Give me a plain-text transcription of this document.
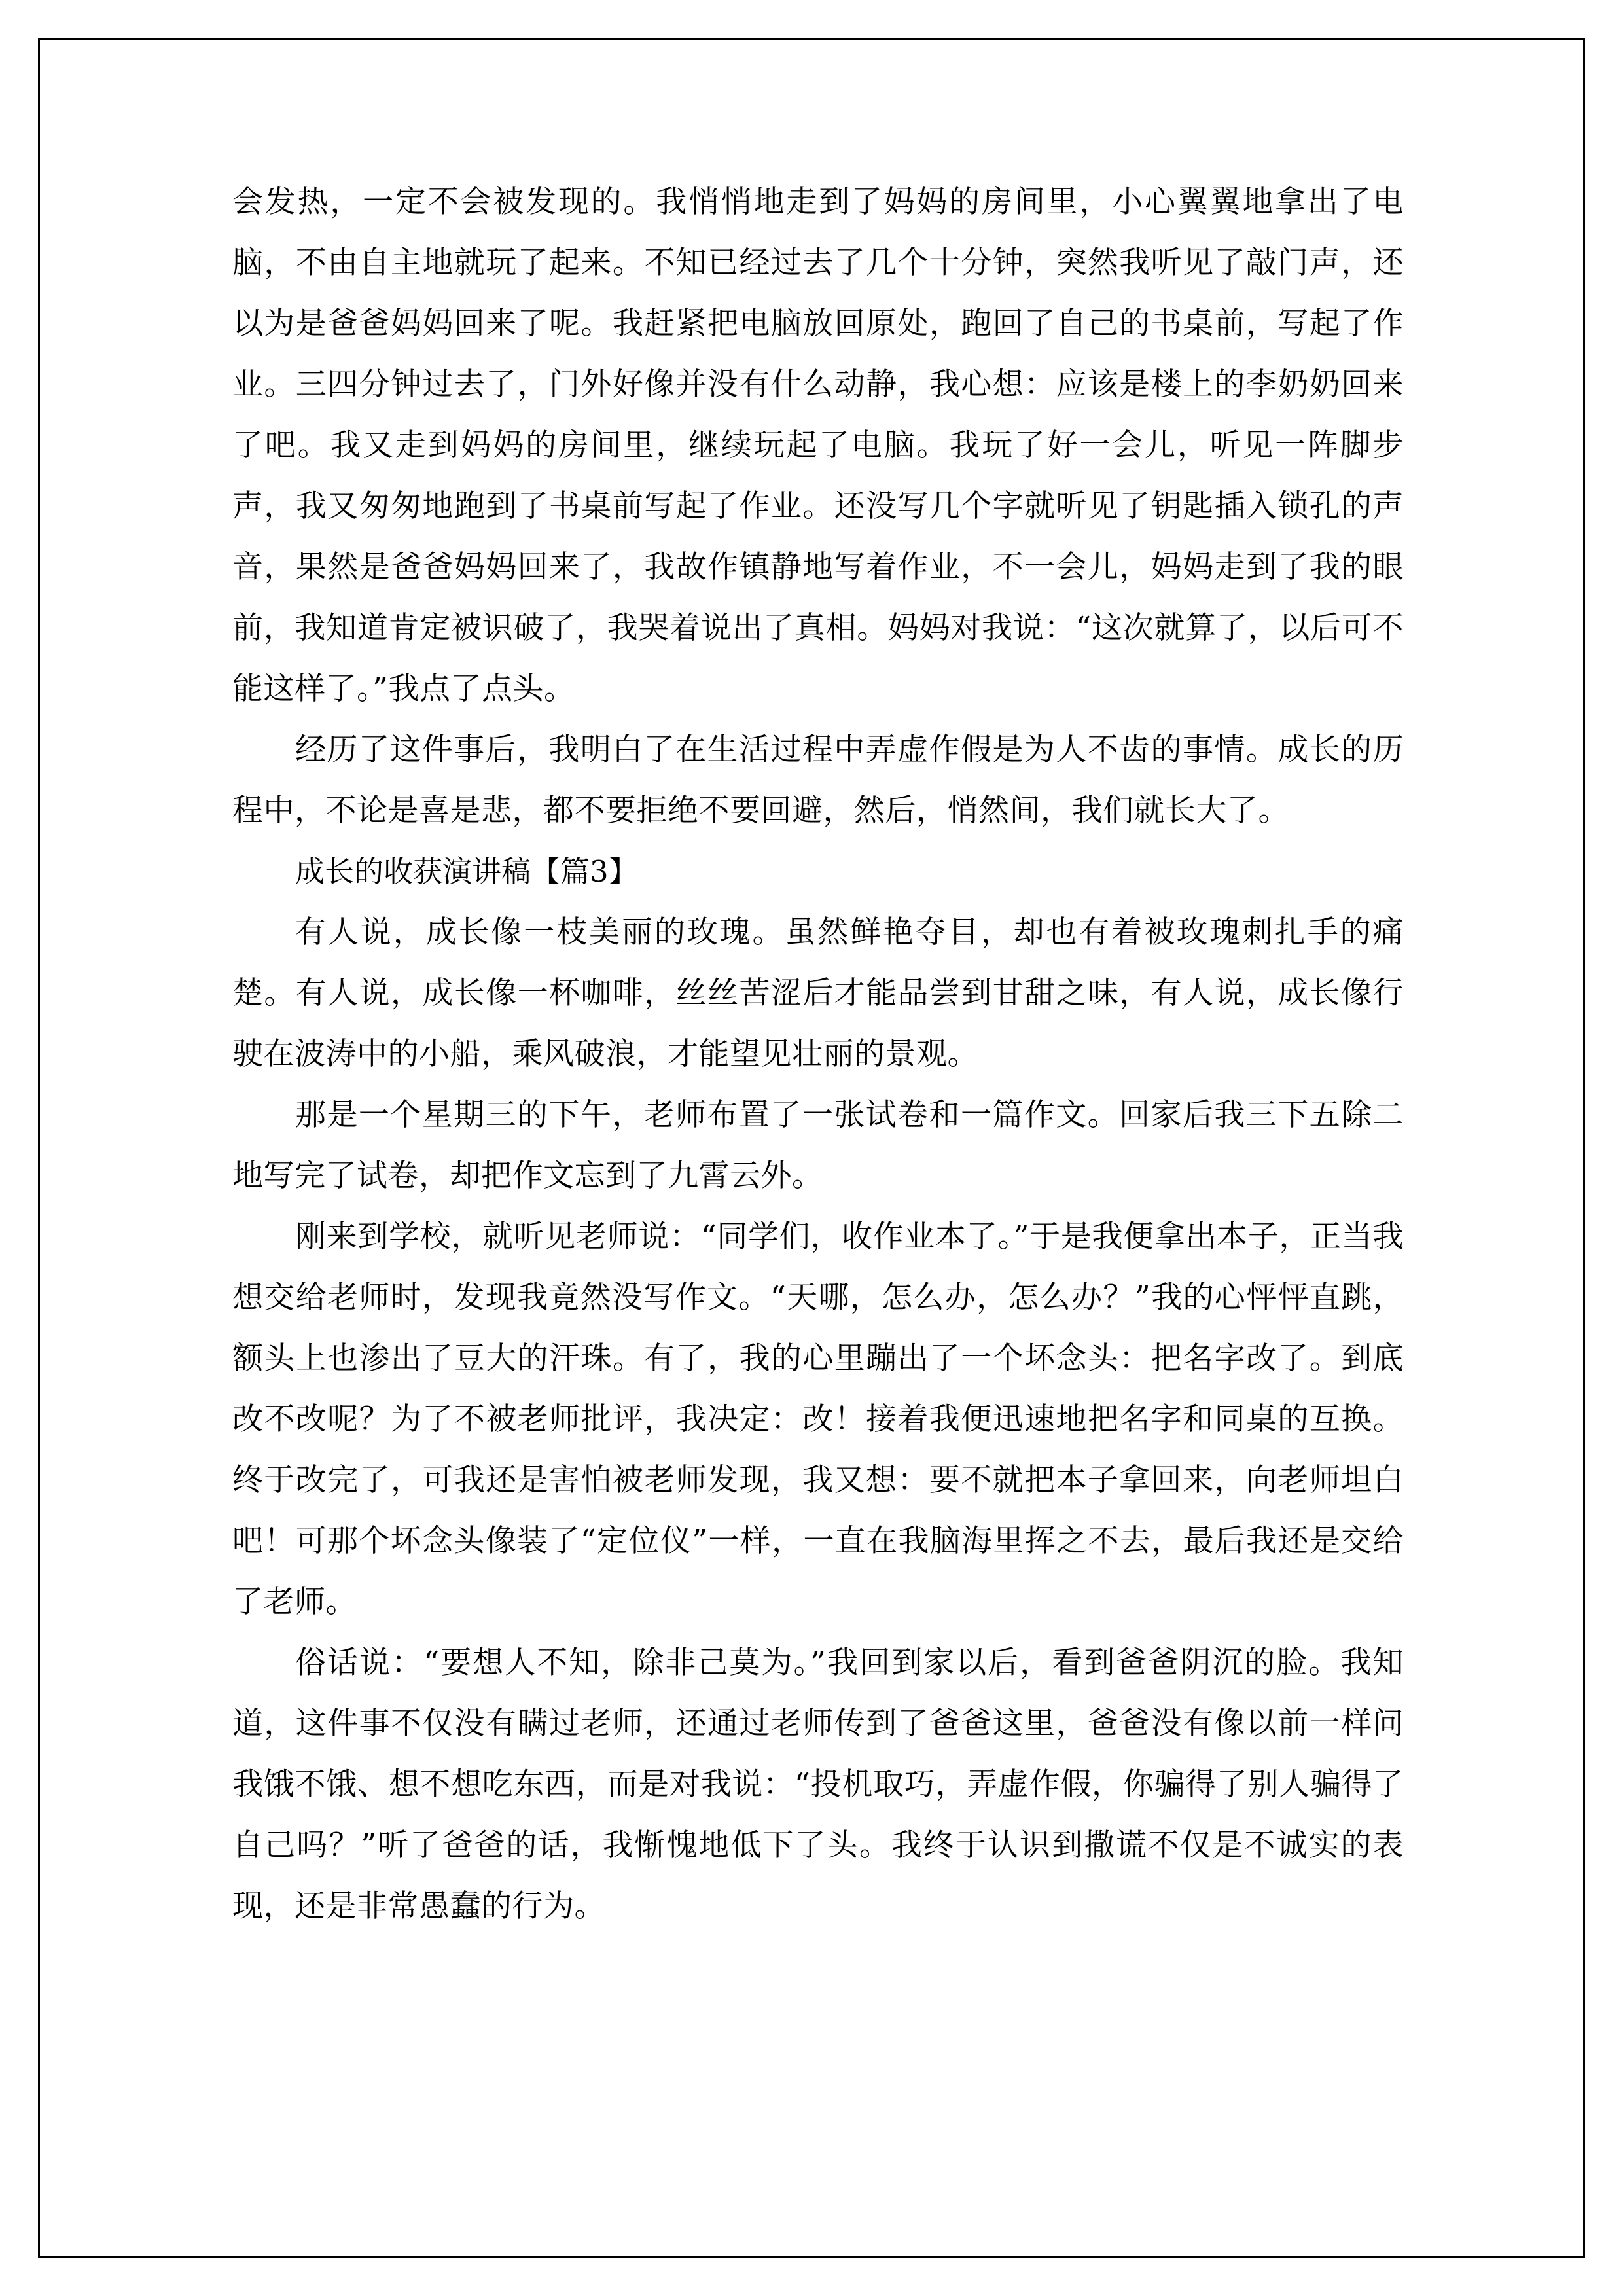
会发热，一定不会被发现的。我悄悄地走到了妈妈的房间里，小心翼翼地拿出了电脑，不由自主地就玩了起来。不知已经过去了几个十分钟，突然我听见了敲门声，还以为是爸爸妈妈回来了呢。我赶紧把电脑放回原处，跑回了自己的书桌前，写起了作业。三四分钟过去了，门外好像并没有什么动静，我心想：应该是楼上的李奶奶回来了吧。我又走到妈妈的房间里，继续玩起了电脑。我玩了好一会儿，听见一阵脚步声，我又匆匆地跑到了书桌前写起了作业。还没写几个字就听见了钥匙插入锁孔的声音，果然是爸爸妈妈回来了，我故作镇静地写着作业，不一会儿，妈妈走到了我的眼前，我知道肯定被识破了，我哭着说出了真相。妈妈对我说：“这次就算了，以后可不能这样了。”我点了点头。

经历了这件事后，我明白了在生活过程中弄虚作假是为人不齿的事情。成长的历程中，不论是喜是悲，都不要拒绝不要回避，然后，悄然间，我们就长大了。

成长的收获演讲稿【篇3】

有人说，成长像一枝美丽的玫瑰。虽然鲜艳夺目，却也有着被玫瑰刺扎手的痛楚。有人说，成长像一杯咖啡，丝丝苦涩后才能品尝到甘甜之味，有人说，成长像行驶在波涛中的小船，乘风破浪，才能望见壮丽的景观。

那是一个星期三的下午，老师布置了一张试卷和一篇作文。回家后我三下五除二地写完了试卷，却把作文忘到了九霄云外。

刚来到学校，就听见老师说：“同学们，收作业本了。”于是我便拿出本子，正当我想交给老师时，发现我竟然没写作文。“天哪，怎么办，怎么办？”我的心怦怦直跳，额头上也渗出了豆大的汗珠。有了，我的心里蹦出了一个坏念头：把名字改了。到底改不改呢？为了不被老师批评，我决定：改！接着我便迅速地把名字和同桌的互换。终于改完了，可我还是害怕被老师发现，我又想：要不就把本子拿回来，向老师坦白吧！可那个坏念头像装了“定位仪”一样，一直在我脑海里挥之不去，最后我还是交给了老师。

俗话说：“要想人不知，除非己莫为。”我回到家以后，看到爸爸阴沉的脸。我知道，这件事不仅没有瞒过老师，还通过老师传到了爸爸这里，爸爸没有像以前一样问我饿不饿、想不想吃东西，而是对我说：“投机取巧，弄虚作假，你骗得了别人骗得了自己吗？”听了爸爸的话，我惭愧地低下了头。我终于认识到撒谎不仅是不诚实的表现，还是非常愚蠢的行为。
